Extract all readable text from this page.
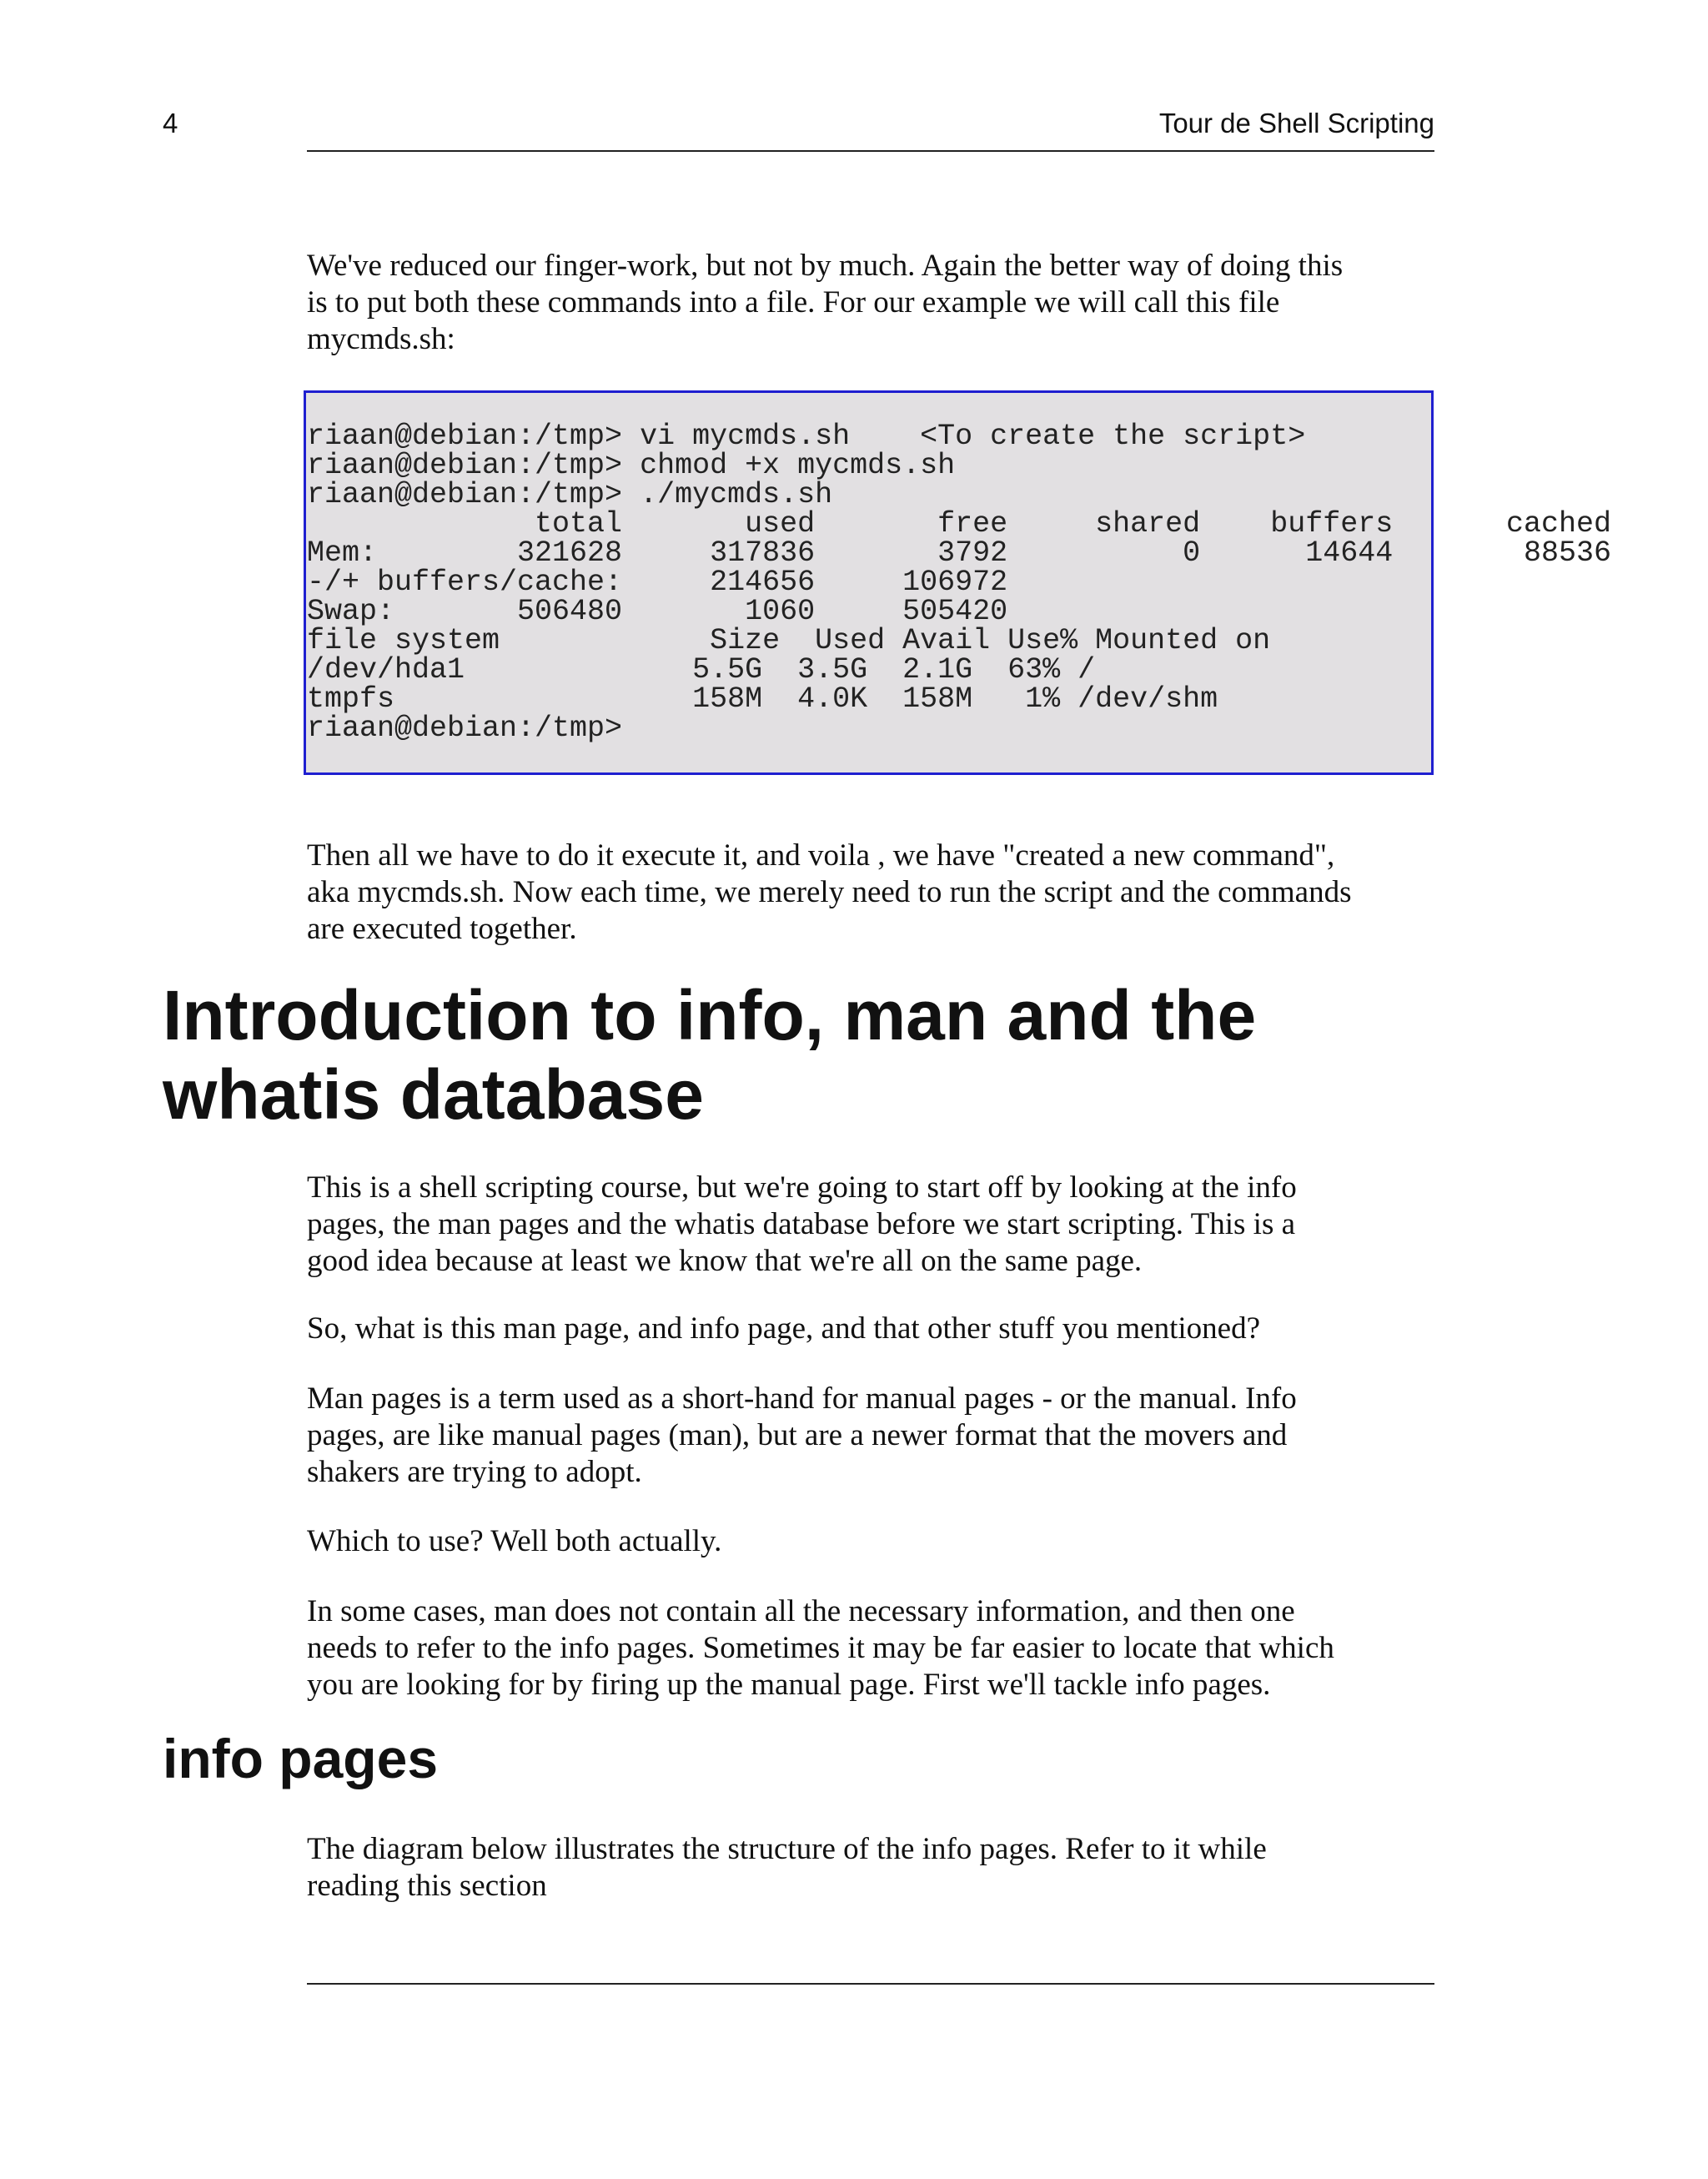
4	Tour de Shell Scripting

We've reduced our finger-work, but not by much. Again the better way of doing this
is to put both these commands into a file. For our example we will call this file
mycmds.sh:

riaan@debian:/tmp> vi mycmds.sh    <To create the script>
riaan@debian:/tmp> chmod +x mycmds.sh
riaan@debian:/tmp> ./mycmds.sh
total       used       free     shared    buffers
Mem:        321628     317836       3792          0      14644
-/+ buffers/cache:     214656     106972
Swap:       506480       1060     505420
file system            Size  Used Avail Use% Mounted on
/dev/hda1             5.5G  3.5G  2.1G  63% /
tmpfs                 158M  4.0K  158M   1% /dev/shm
riaan@debian:/tmp>
cached
88536

Then all we have to do it execute it, and voila , we have "created a new command",
aka mycmds.sh. Now each time, we merely need to run the script and the commands
are executed together.

Introduction to info, man and the
whatis database

This is a shell scripting course, but we're going to start off by looking at the info
pages, the man pages and the whatis database before we start scripting. This is a
good idea because at least we know that we're all on the same page.

So, what is this man page, and info page, and that other stuff you mentioned?

Man pages is a term used as a short-hand for manual pages - or the manual. Info
pages, are like manual pages (man), but are a newer format that the movers and
shakers are trying to adopt.

Which to use? Well both actually.

In some cases, man does not contain all the necessary information, and then one
needs to refer to the info pages. Sometimes it may be far easier to locate that which
you are looking for by firing up the manual page. First we'll tackle info pages.

info pages

The diagram below illustrates the structure of the info pages. Refer to it while
reading this section
